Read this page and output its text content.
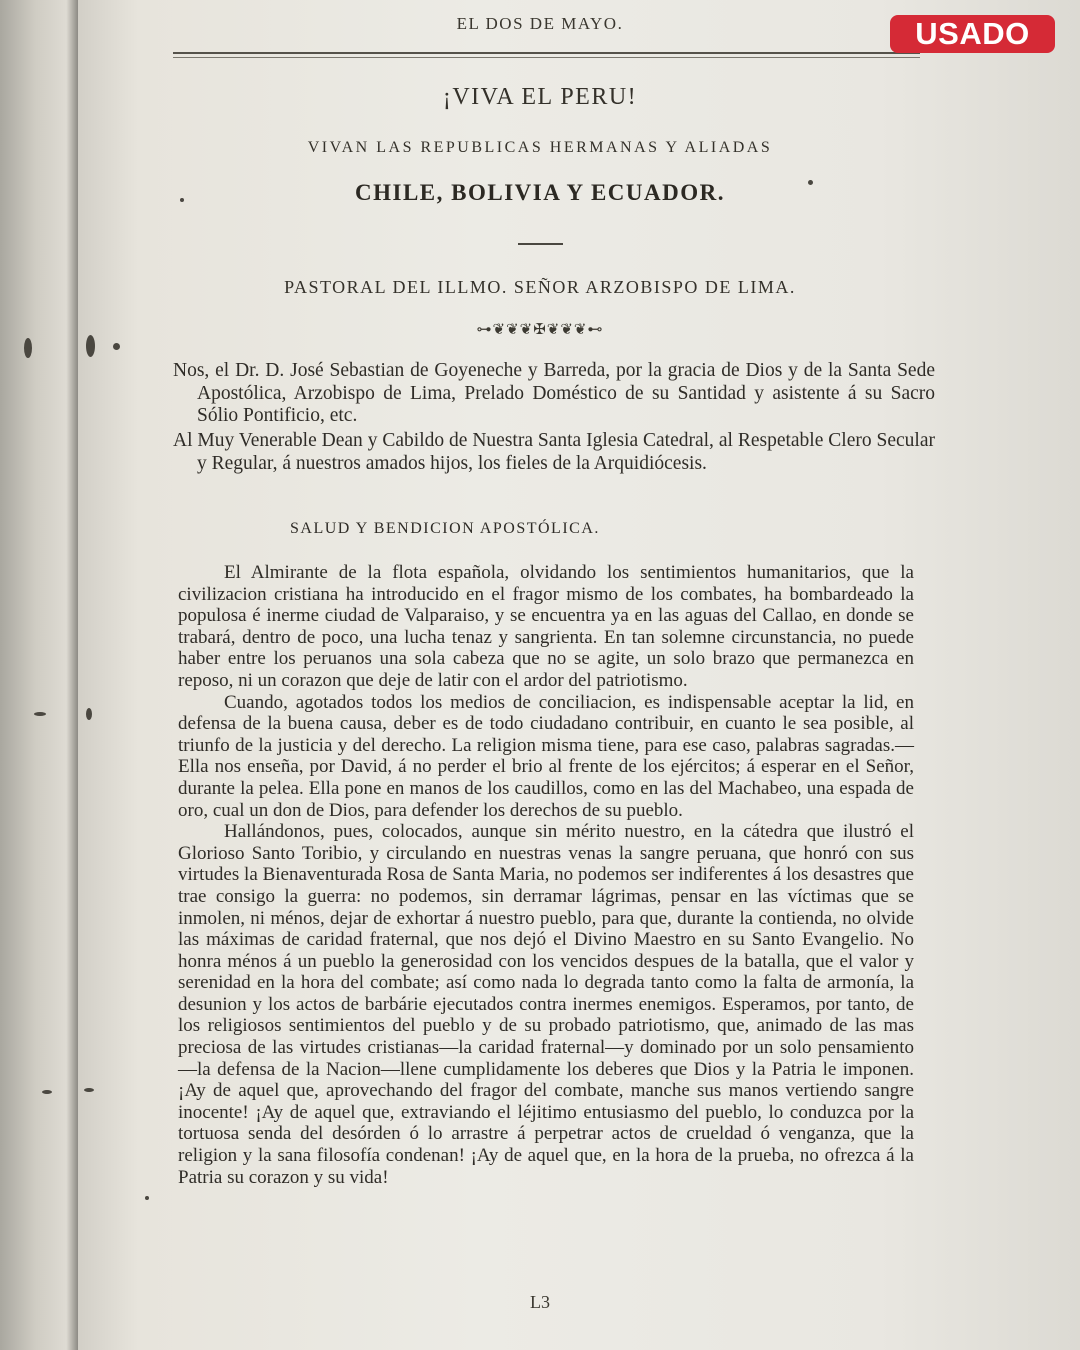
EL DOS DE MAYO.	USADO
¡VIVA EL PERU!
VIVAN LAS REPUBLICAS HERMANAS Y ALIADAS
CHILE, BOLIVIA Y ECUADOR.
PASTORAL DEL ILLMO. SEÑOR ARZOBISPO DE LIMA.
⊶❦❦❦✠❦❦❦⊷
Nos, el Dr. D. José Sebastian de Goyeneche y Barreda, por la gracia de Dios y de la Santa Sede Apostólica, Arzobispo de Lima, Prelado Doméstico de su Santidad y asistente á su Sacro Sólio Pontificio, etc.
Al Muy Venerable Dean y Cabildo de Nuestra Santa Iglesia Catedral, al Respetable Clero Secular y Regular, á nuestros amados hijos, los fieles de la Arquidiócesis.
SALUD Y BENDICION APOSTÓLICA.

El Almirante de la flota española, olvidando los sentimientos humanitarios, que la civilizacion cristiana ha introducido en el fragor mismo de los combates, ha bombardeado la populosa é inerme ciudad de Valparaiso, y se encuentra ya en las aguas del Callao, en donde se trabará, dentro de poco, una lucha tenaz y sangrienta. En tan solemne circunstancia, no puede haber entre los peruanos una sola cabeza que no se agite, un solo brazo que permanezca en reposo, ni un corazon que deje de latir con el ardor del patriotismo.

Cuando, agotados todos los medios de conciliacion, es indispensable aceptar la lid, en defensa de la buena causa, deber es de todo ciudadano contribuir, en cuanto le sea posible, al triunfo de la justicia y del derecho. La religion misma tiene, para ese caso, palabras sagradas.—Ella nos enseña, por David, á no perder el brio al frente de los ejércitos; á esperar en el Señor, durante la pelea. Ella pone en manos de los caudillos, como en las del Machabeo, una espada de oro, cual un don de Dios, para defender los derechos de su pueblo.

Hallándonos, pues, colocados, aunque sin mérito nuestro, en la cátedra que ilustró el Glorioso Santo Toribio, y circulando en nuestras venas la sangre peruana, que honró con sus virtudes la Bienaventurada Rosa de Santa Maria, no podemos ser indiferentes á los desastres que trae consigo la guerra: no podemos, sin derramar lágrimas, pensar en las víctimas que se inmolen, ni ménos, dejar de exhortar á nuestro pueblo, para que, durante la contienda, no olvide las máximas de caridad fraternal, que nos dejó el Divino Maestro en su Santo Evangelio. No honra ménos á un pueblo la generosidad con los vencidos despues de la batalla, que el valor y serenidad en la hora del combate; así como nada lo degrada tanto como la falta de armonía, la desunion y los actos de barbárie ejecutados contra inermes enemigos. Esperamos, por tanto, de los religiosos sentimientos del pueblo y de su probado patriotismo, que, animado de las mas preciosa de las virtudes cristianas—la caridad fraternal—y dominado por un solo pensamiento—la defensa de la Nacion—llene cumplidamente los deberes que Dios y la Patria le imponen. ¡Ay de aquel que, aprovechando del fragor del combate, manche sus manos vertiendo sangre inocente! ¡Ay de aquel que, extraviando el léjitimo entusiasmo del pueblo, lo conduzca por la tortuosa senda del desórden ó lo arrastre á perpetrar actos de crueldad ó venganza, que la religion y la sana filosofía condenan! ¡Ay de aquel que, en la hora de la prueba, no ofrezca á la Patria su corazon y su vida!

L3
